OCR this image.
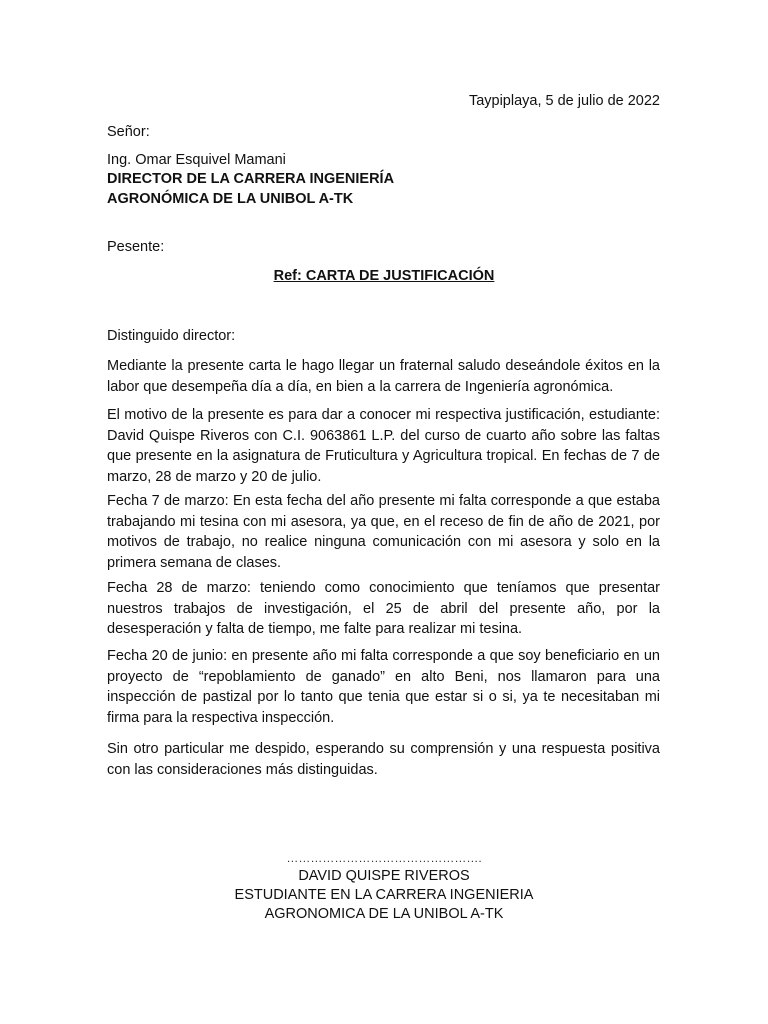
Taypiplaya, 5 de julio de 2022
Señor:
Ing. Omar Esquivel Mamani
DIRECTOR DE LA CARRERA INGENIERÍA
AGRONÓMICA DE LA UNIBOL A-TK
Pesente:
Ref: CARTA DE JUSTIFICACIÓN
Distinguido director:

Mediante la presente carta le hago llegar un fraternal saludo deseándole éxitos en la labor que desempeña día a día, en bien a la carrera de Ingeniería agronómica.

El motivo de la presente es para dar a conocer mi respectiva justificación, estudiante: David Quispe Riveros con C.I. 9063861 L.P. del curso de cuarto año sobre las faltas que presente en la asignatura de Fruticultura y Agricultura tropical. En fechas de 7 de marzo, 28 de marzo y 20 de julio.

Fecha 7 de marzo: En esta fecha del año presente mi falta corresponde a que estaba trabajando mi tesina con mi asesora, ya que, en el receso de fin de año de 2021, por motivos de trabajo, no realice ninguna comunicación con mi asesora y solo en la primera semana de clases.

Fecha 28 de marzo: teniendo como conocimiento que teníamos que presentar nuestros trabajos de investigación, el 25 de abril del presente año, por la desesperación y falta de tiempo, me falte para realizar mi tesina.

Fecha 20 de junio: en presente año mi falta corresponde a que soy beneficiario en un proyecto de “repoblamiento de ganado” en alto Beni, nos llamaron para una inspección de pastizal por lo tanto que tenia que estar si o si, ya te necesitaban mi firma para la respectiva inspección.

Sin otro particular me despido, esperando su comprensión y una respuesta positiva con las consideraciones más distinguidas.

………………………………………….
DAVID QUISPE RIVEROS
ESTUDIANTE EN LA CARRERA INGENIERIA
AGRONOMICA DE LA UNIBOL A-TK
